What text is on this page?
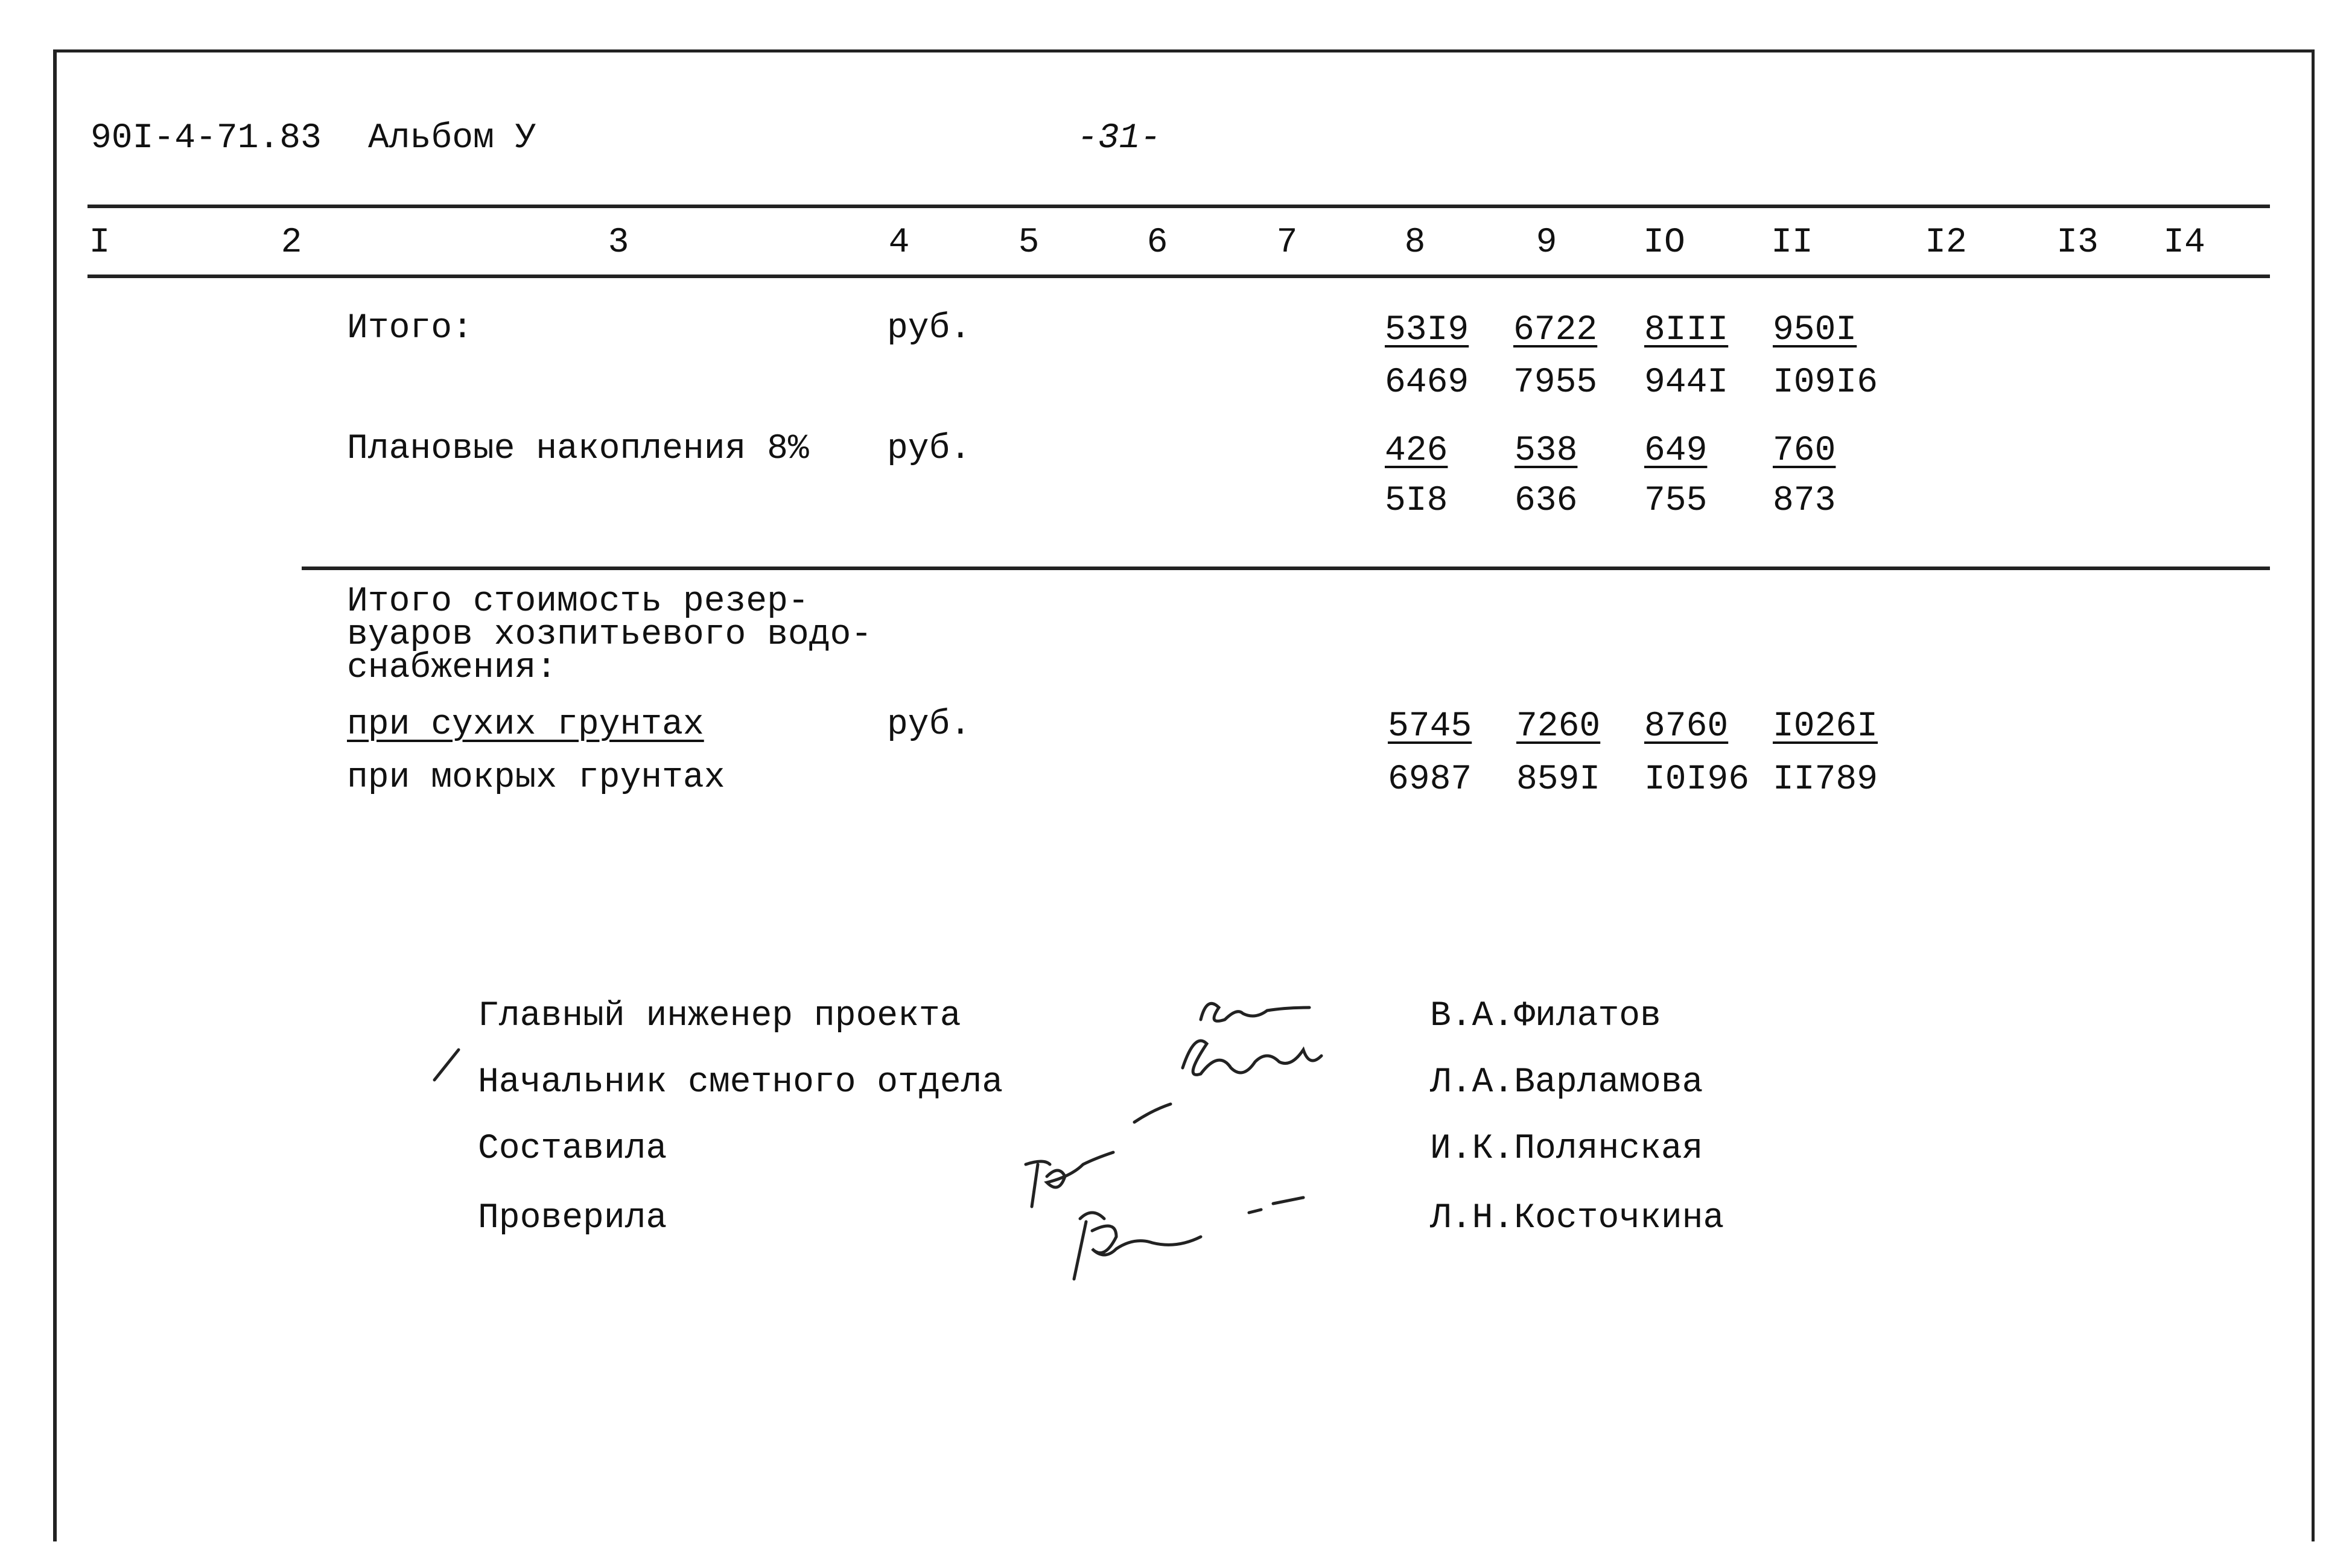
90I-4-71.83 Альбом У	-31-
I	2	3	4	5	6	7	8	9 IO II	I2	I3 I4
Итого:	руб.	53I9 6722 8III 950I
6469 7955 944I I09I6
Плановые накопления 8% руб.	426 538 649 760
5I8 636 755 873
Итого стоимость резер-
вуаров хозпитьевого водо-
снабжения:
при сухих грунтах	руб.	5745 7260 8760 I026I
при мокрых грунтах	6987 859I I0I96 II789
Главный инженер проекта	В.А.Филатов
Начальник сметного отдела	Л.А.Варламова
Составила	И.К.Полянская
Проверила	Л.Н.Косточкина
